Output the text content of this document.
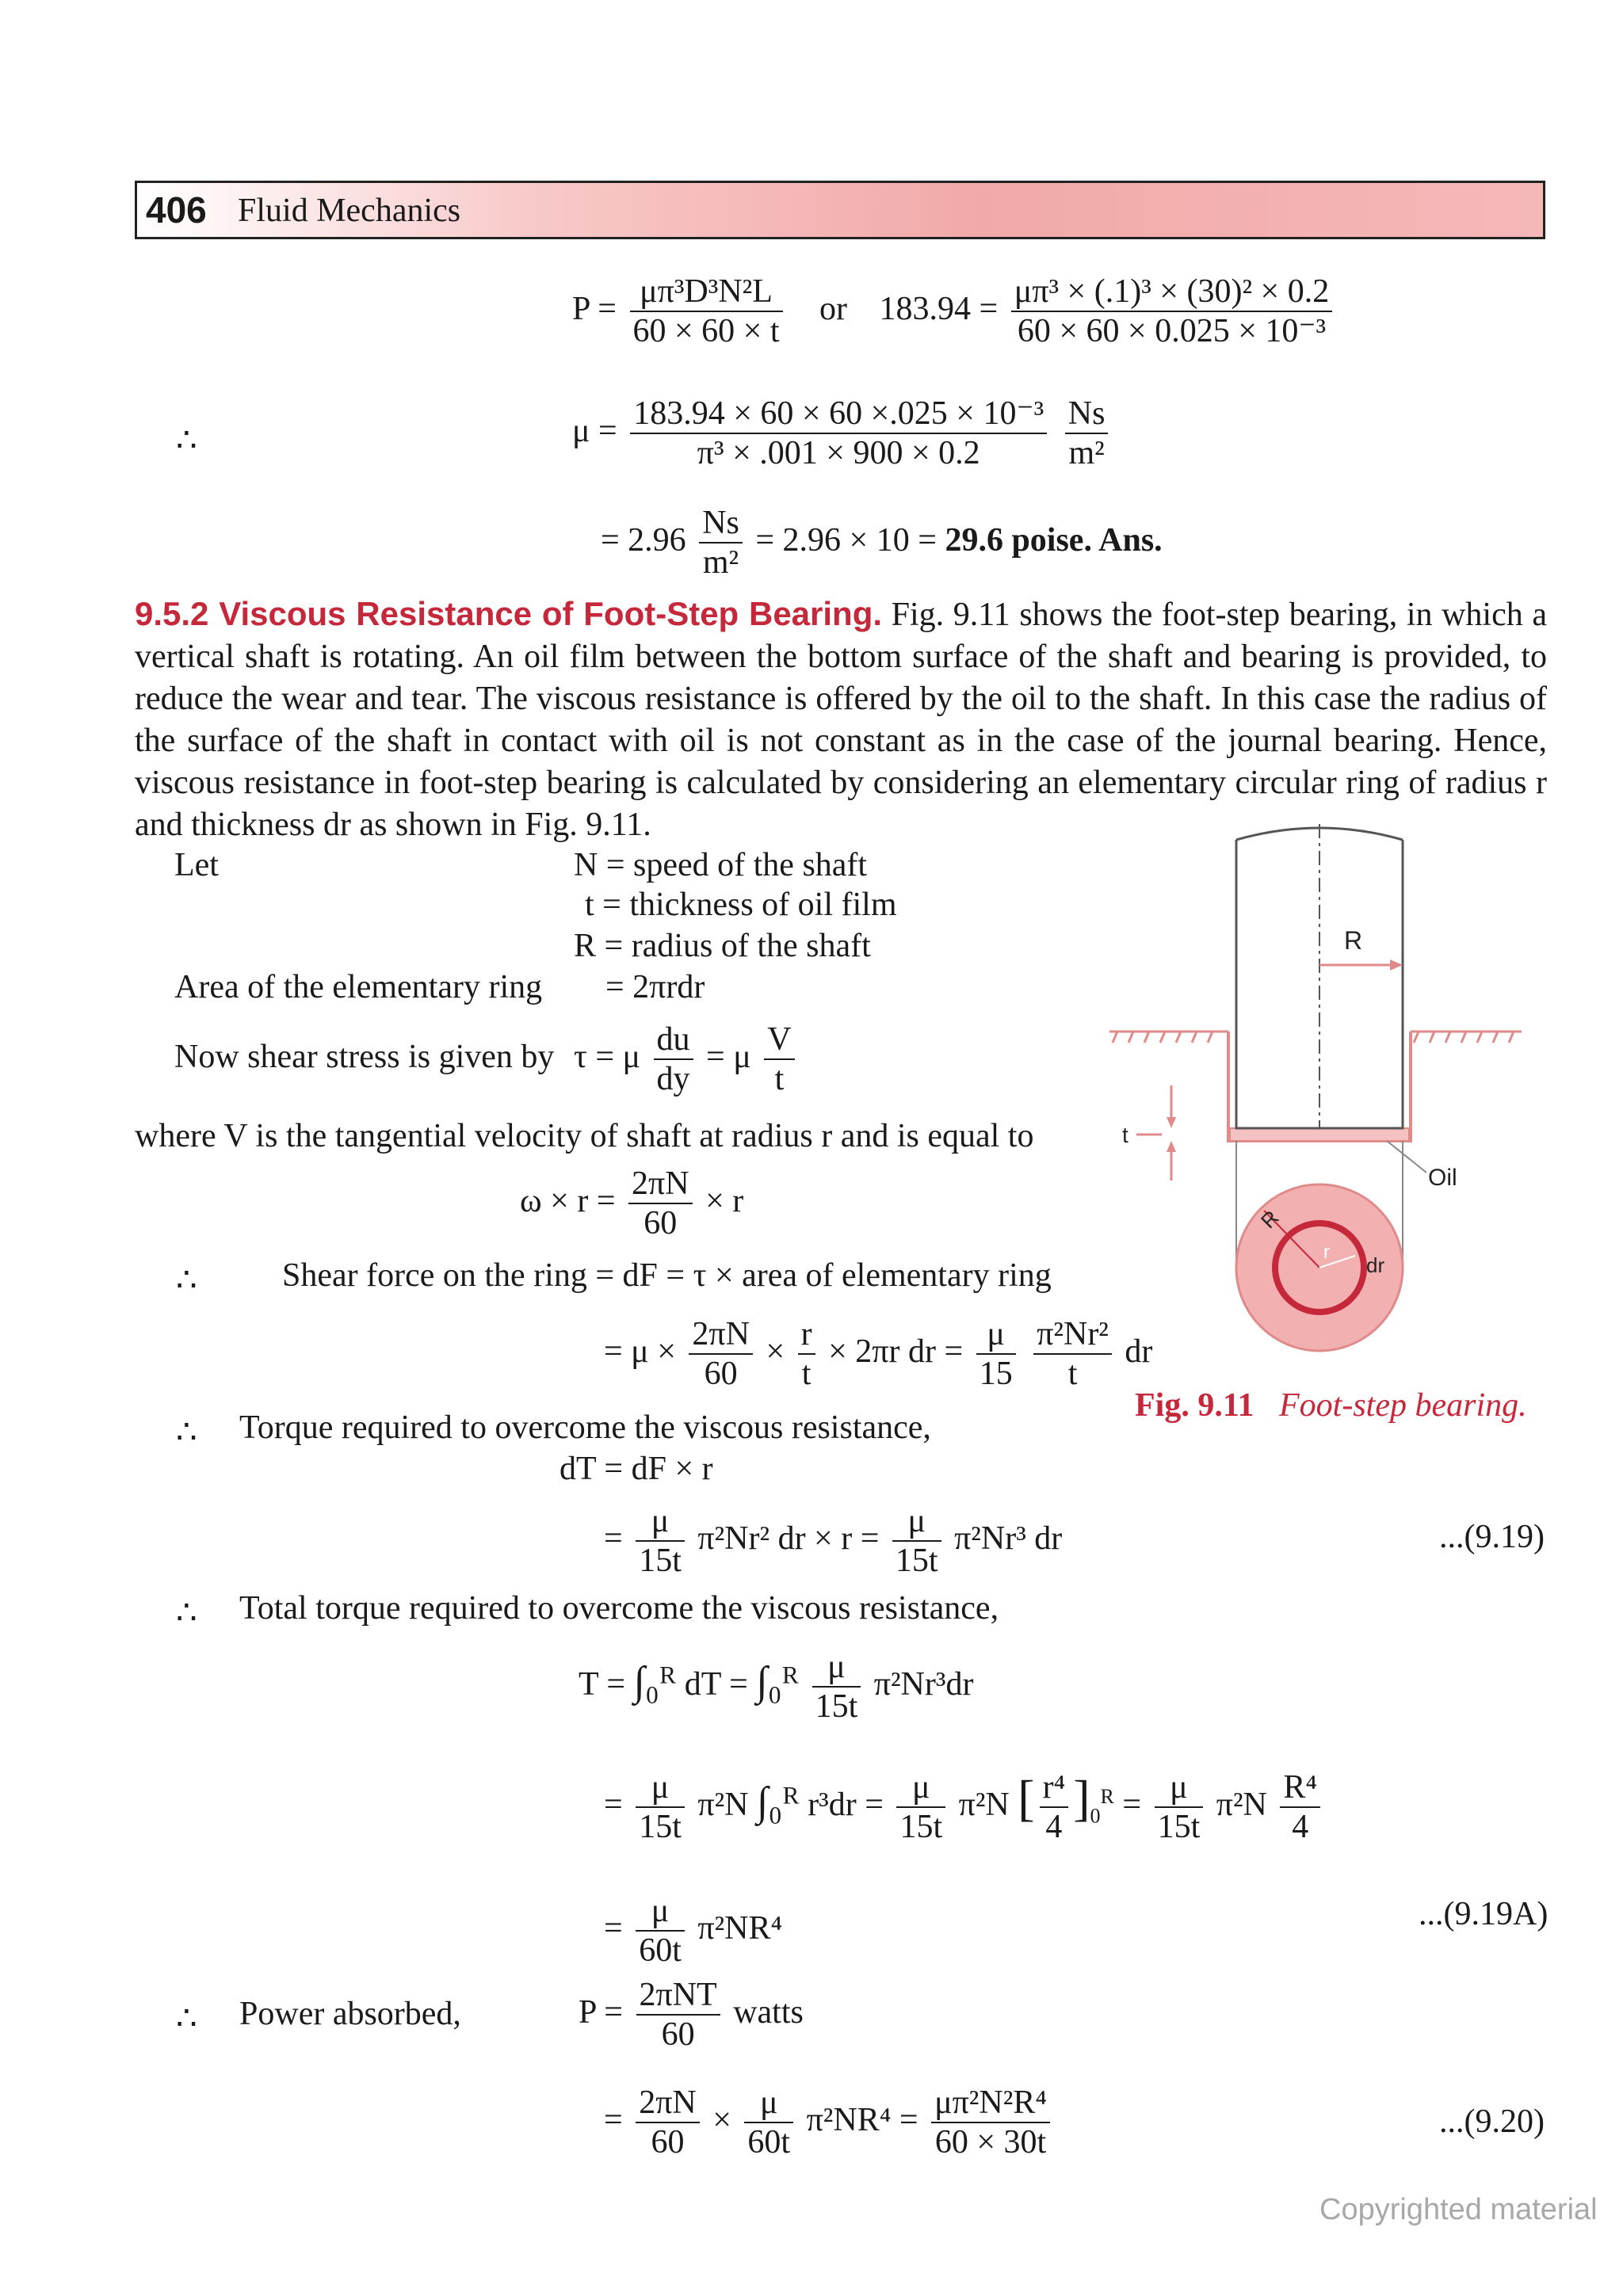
406 Fluid Mechanics
$P = \frac{\text{μπ³D³N²L}}{60 \times 60 \times t}$ or $183.94 = \frac{\text{μπ³ × (.1)³ × (30)² × 0.2}}{\text{60 × 60 × 0.025 × 10⁻³}}$
∴	$\mu = \frac{\text{183.94 × 60 × 60 ×.025 × 10⁻³}}{\text{π³ × .001 × 900 × 0.2}}$
$\frac{Ns}{\text{m²}}$
= $2.96 \frac{Ns}{\text{m²}} = 2.96 \times 10 = 29.6$ poise. Ans.
9.5.2 Viscous Resistance of Foot-Step Bearing. Fig. 9.11 shows the foot-step bearing, in which a vertical shaft is rotating. An oil film between the bottom surface of the shaft and bearing is provided, to reduce the wear and tear. The viscous resistance is offered by the oil to the shaft. In this case the radius of the surface of the shaft in contact with oil is not constant as in the case of the journal bearing. Hence, viscous resistance in foot-step bearing is calculated by considering an elementary circular ring of radius r and thickness dr as shown in Fig. 9.11.
Let	N = speed of the shaft
t = thickness of oil film
R = radius of the shaft
Area of the elementary ring = 2πrdr
Now shear stress is given by τ = μ $\frac{du}{dy} = \mu \frac{V}{t}$
where V is the tangential velocity of shaft at radius r and is equal to
$\omega \times r = \frac{2\pi N}{60} \times r$
∴	Shear force on the ring = dF = τ × area of elementary ring
= $\mu \times \frac{2\pi N}{60} \times \frac{r}{t} \times 2\pi r$ dr = $\frac{\mu}{15}$
$\frac{\text{π²Nr²}}{t}$ dr
∴ Torque required to overcome the viscous resistance,
dT = dF × r
= $\frac{\mu}{15t} \pi^2Nr^2$ dr × $r = \frac{\mu}{15t} \pi^2Nr^3$ dr	...(9.19)
∴ Total torque required to overcome the viscous resistance,
T = ∫₀ᴿ dT = ∫₀ᴿ $\frac{\mu}{15t} \pi^2Nr^3dr$
= $\frac{\mu}{15t} \pi^2N$ ∫₀ᴿ $r^3dr = \frac{\mu}{15t} \pi^2N$ [ $\frac{\text{r⁴}}{4} ]_0^R = \frac{\mu}{15t} \pi^2N \frac{\text{R⁴}}{4}$
= $\frac{\mu}{60t} \pi^2NR^4$	...(9.19A)
∴ Power absorbed,	$P = \frac{\text{2πNT}}{60}$ watts
= $\frac{2\pi N}{60} \times \frac{\mu}{60t} \pi^2NR^4 = \frac{\text{μπ²N²R⁴}}{60 \times 30t}$	...(9.20)
R
t
Oil
R
r
dr
Fig. 9.11 Foot-step bearing.
Copyrighted material
